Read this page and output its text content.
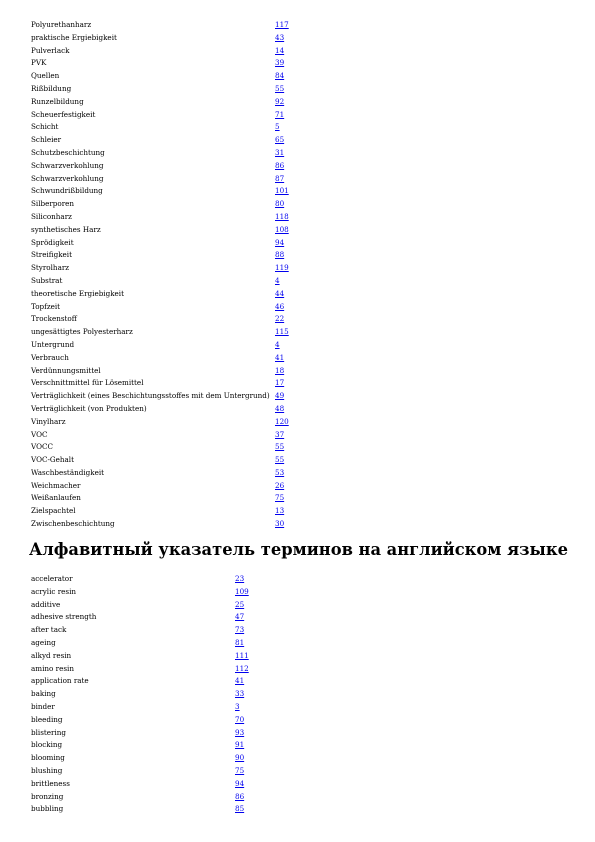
Polyurethanharz	117
praktische Ergiebigkeit	43
Pulverlack	14
PVK	39
Quellen	84
Rißbildung	55
Runzelbildung	92
Scheuerfestigkeit	71
Schicht	5
Schleier	65
Schutzbeschichtung	31
Schwarzverkohlung	86
Schwarzverkohlung	87
Schwundrißbildung	101
Silberporen	80
Siliconharz	118
synthetisches Harz	108
Sprödigkeit	94
Streifigkeit	88
Styrolharz	119
Substrat	4
theoretische Ergiebigkeit	44
Topfzeit	46
Trockenstoff	22
ungesättigtes Polyesterharz	115
Untergrund	4
Verbrauch	41
Verdünnungsmittel	18
Verschnittmittel für Lösemittel	17
Verträglichkeit (eines Beschichtungsstoffes mit dem Untergrund)	49
Verträglichkeit (von Produkten)	48
Vinylharz	120
VOC	37
VOCC	55
VOC-Gehalt	55
Waschbeständigkeit	53
Weichmacher	26
Weißanlaufen	75
Zielspachtel	13
Zwischenbeschichtung	30
Алфавитный указатель терминов на английском языке
accelerator	23
acrylic resin	109
additive	25
adhesive strength	47
after tack	73
ageing	81
alkyd resin	111
amino resin	112
application rate	41
baking	33
binder	3
bleeding	70
blistering	93
blocking	91
blooming	90
blushing	75
brittleness	94
bronzing	86
bubbling	85
